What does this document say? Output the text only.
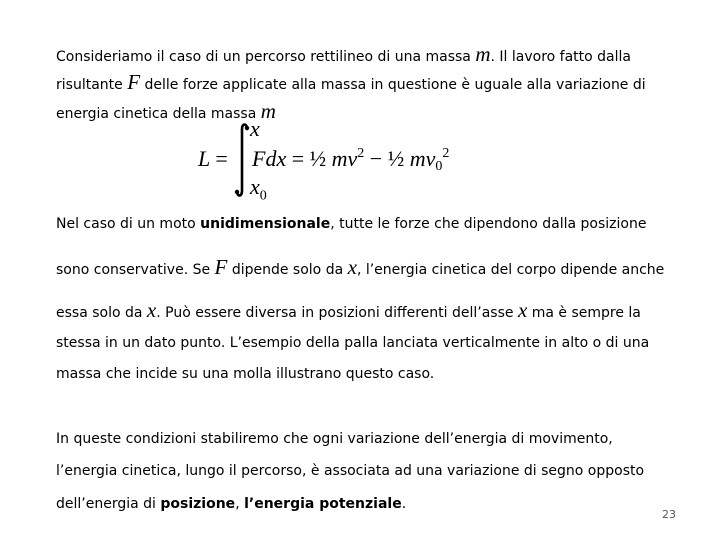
Consideriamo il caso di un percorso rettilineo di una massa m. Il lavoro fatto dalla
risultante F delle forze applicate alla massa in questione è uguale alla variazione di
energia cinetica della massa m
L =
x
$x_0$
Fdx = ½ $mv^2$ − ½ $mv_0^2$
Nel caso di un moto unidimensionale, tutte le forze che dipendono dalla posizione
sono conservative. Se F dipende solo da x, l’energia cinetica del corpo dipende anche
essa solo da x. Può essere diversa in posizioni differenti dell’asse x ma è sempre la
stessa in un dato punto. L’esempio della palla lanciata verticalmente in alto o di una
massa che incide su una molla illustrano questo caso.
In queste condizioni stabiliremo che ogni variazione dell’energia di movimento,
l’energia cinetica, lungo il percorso, è associata ad una variazione di segno opposto
dell’energia di posizione, l’energia potenziale.
23
